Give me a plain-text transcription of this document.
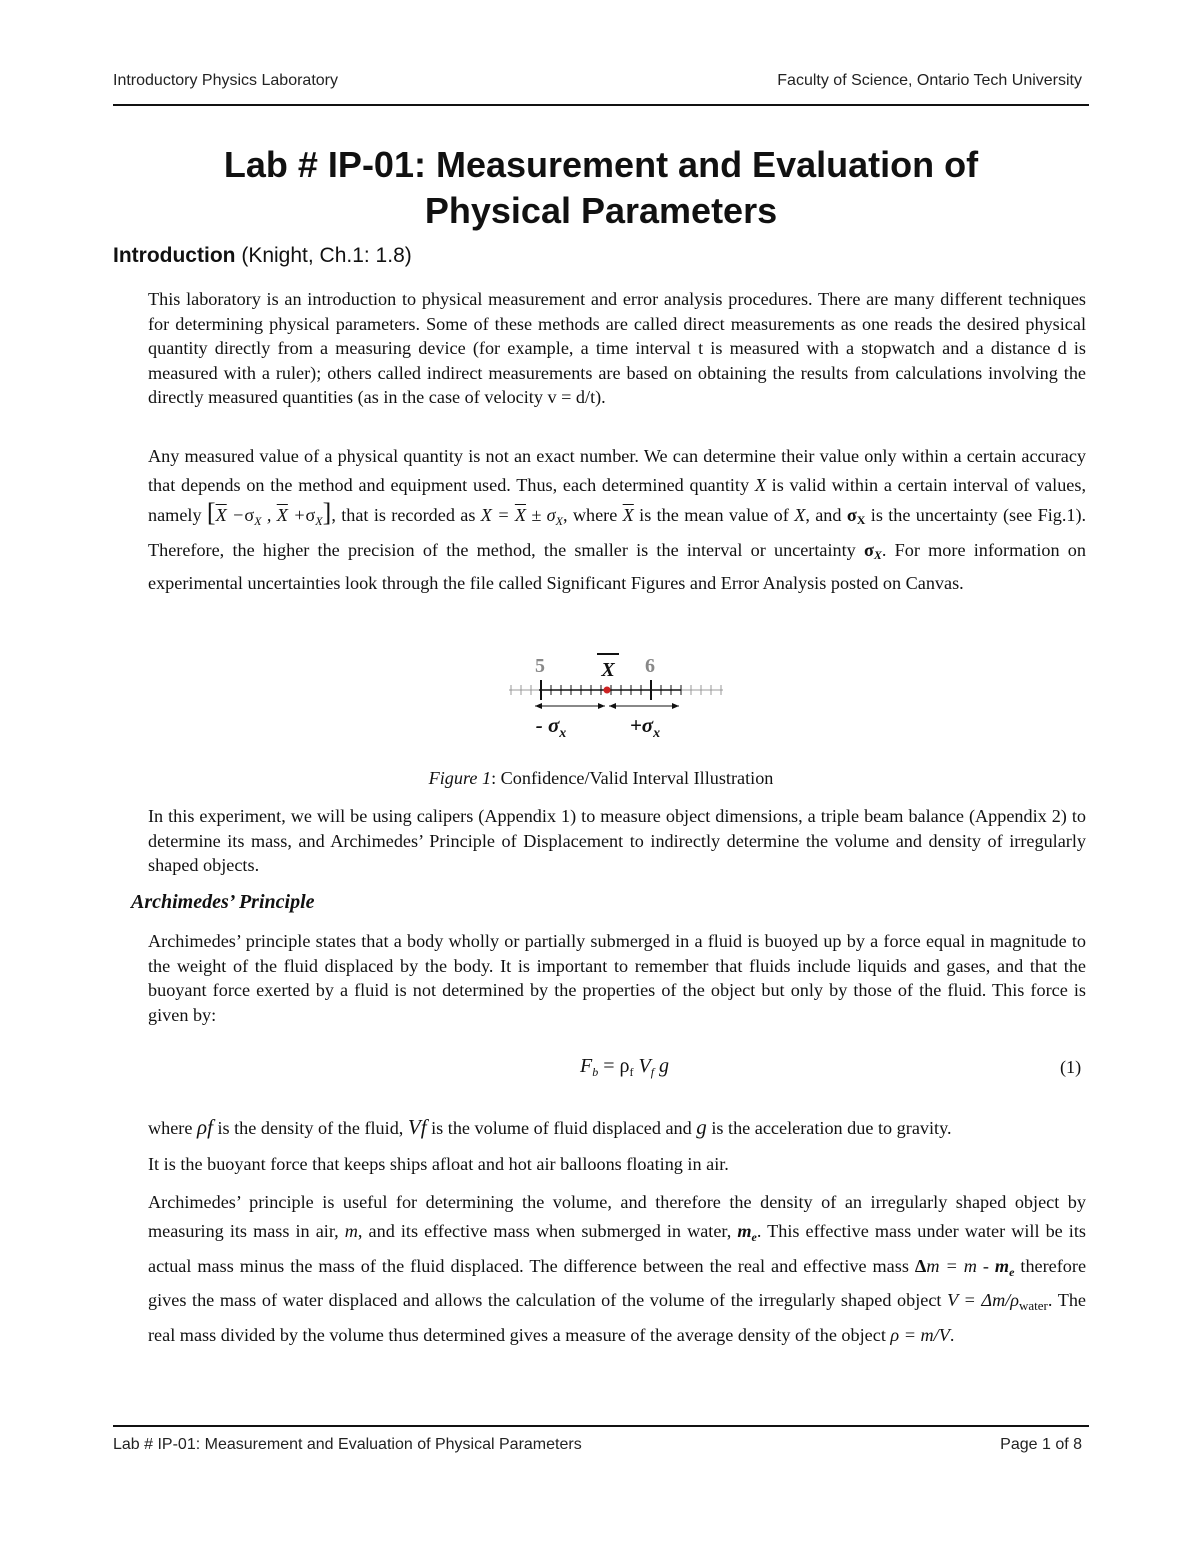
Introductory Physics Laboratory	Faculty of Science, Ontario Tech University
Lab # IP-01: Measurement and Evaluation of
Physical Parameters
Introduction (Knight, Ch.1: 1.8)
This laboratory is an introduction to physical measurement and error analysis procedures. There are many different techniques for determining physical parameters. Some of these methods are called direct measurements as one reads the desired physical quantity directly from a measuring device (for example, a time interval t is measured with a stopwatch and a distance d is measured with a ruler); others called indirect measurements are based on obtaining the results from calculations involving the directly measured quantities (as in the case of velocity v = d/t).
Any measured value of a physical quantity is not an exact number. We can determine their value only within a certain accuracy that depends on the method and equipment used. Thus, each determined quantity X is valid within a certain interval of values, namely [$\overline{X} -\sigma_X$ , $\overline{X} +\sigma_X$], that is recorded as $X = \overline{X} \pm \sigma_X$, where $\overline{X}$ is the mean value of X, and σX is the uncertainty (see Fig.1). Therefore, the higher the precision of the method, the smaller is the interval or uncertainty σX. For more information on experimental uncertainties look through the file called Significant Figures and Error Analysis posted on Canvas.
5	X 6
- $\sigma_x$	$+\sigma_x$
Figure 1: Confidence/Valid Interval Illustration
In this experiment, we will be using calipers (Appendix 1) to measure object dimensions, a triple beam balance (Appendix 2) to determine its mass, and Archimedes’ Principle of Displacement to indirectly determine the volume and density of irregularly shaped objects.
Archimedes’ Principle
Archimedes’ principle states that a body wholly or partially submerged in a fluid is buoyed up by a force equal in magnitude to the weight of the fluid displaced by the body. It is important to remember that fluids include liquids and gases, and that the buoyant force exerted by a fluid is not determined by the properties of the object but only by those of the fluid. This force is given by:
$F_b = \rho_f$ $V_f$ g	(1)
where ρf is the density of the fluid, Vf is the volume of fluid displaced and g is the acceleration due to gravity.
It is the buoyant force that keeps ships afloat and hot air balloons floating in air.
Archimedes’ principle is useful for determining the volume, and therefore the density of an irregularly shaped object by measuring its mass in air, m, and its effective mass when submerged in water, $m_e$. This effective mass under water will be its actual mass minus the mass of the fluid displaced. The difference between the real and effective mass $\Delta m = m - m_e$ therefore gives the mass of water displaced and allows the calculation of the volume of the irregularly shaped object $V = \Delta m/\rho_{water}$. The real mass divided by the volume thus determined gives a measure of the average density of the object ρ = m/V.
Lab # IP-01: Measurement and Evaluation of Physical Parameters	Page 1 of 8
